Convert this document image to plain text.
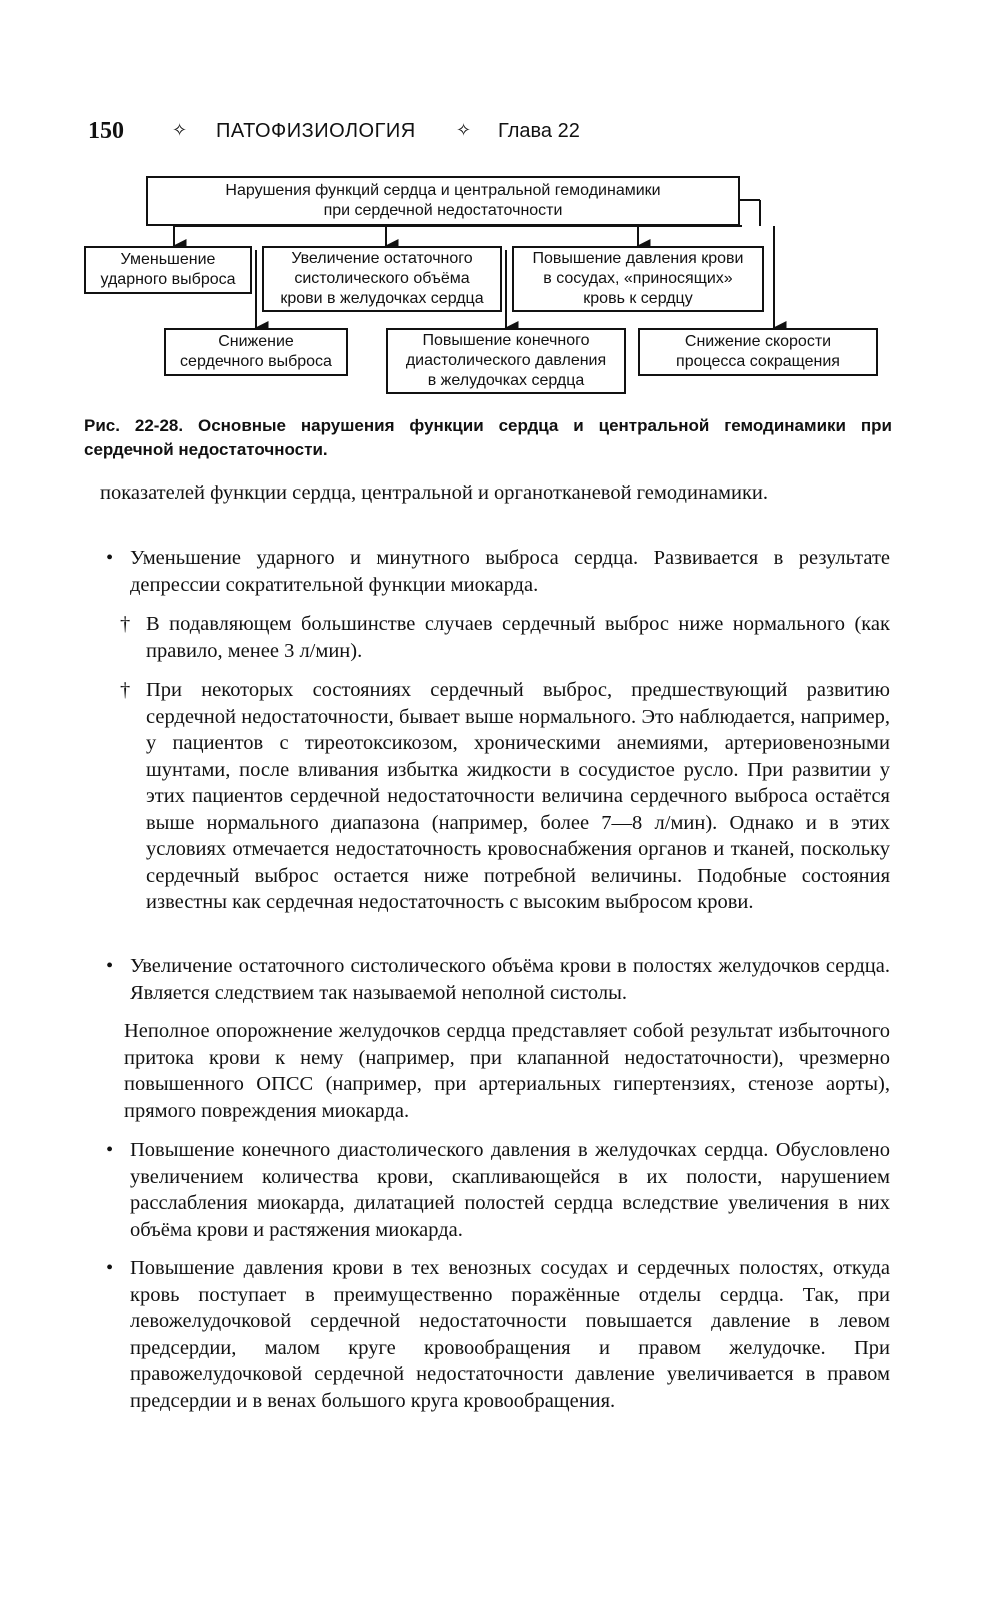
150	✧ ПАТОФИЗИОЛОГИЯ ✧ Глава 22
Нарушения функций сердца и центральной гемодинамики
при сердечной недостаточности
Уменьшение
ударного выброса
Увеличение остаточного
систолического объёма
крови в желудочках сердца
Повышение давления крови
в сосудах, «приносящих»
кровь к сердцу
Снижение
сердечного выброса
Повышение конечного
диастолического давления
в желудочках сердца
Снижение скорости
процесса сокращения
Рис. 22-28. Основные нарушения функции сердца и центральной гемодинамики при сердечной недостаточности.
показателей функции сердца, центральной и органотканевой гемодинамики.
• Уменьшение ударного и минутного выброса сердца. Развивается в результате депрессии сократительной функции миокарда.
† В подавляющем большинстве случаев сердечный выброс ниже нормального (как правило, менее 3 л/мин).
† При некоторых состояниях сердечный выброс, предшествующий развитию сердечной недостаточности, бывает выше нормального. Это наблюдается, например, у пациентов с тиреотоксикозом, хроническими анемиями, артериовенозными шунтами, после вливания избытка жидкости в сосудистое русло. При развитии у этих пациентов сердечной недостаточности величина сердечного выброса остаётся выше нормального диапазона (например, более 7—8 л/мин). Однако и в этих условиях отмечается недостаточность кровоснабжения органов и тканей, поскольку сердечный выброс остается ниже потребной величины. Подобные состояния известны как сердечная недостаточность с высоким выбросом крови.
• Увеличение остаточного систолического объёма крови в полостях желудочков сердца. Является следствием так называемой неполной систолы.
Неполное опорожнение желудочков сердца представляет собой результат избыточного притока крови к нему (например, при клапанной недостаточности), чрезмерно повышенного ОПСС (например, при артериальных гипертензиях, стенозе аорты), прямого повреждения миокарда.
• Повышение конечного диастолического давления в желудочках сердца. Обусловлено увеличением количества крови, скапливающейся в их полости, нарушением расслабления миокарда, дилатацией полостей сердца вследствие увеличения в них объёма крови и растяжения миокарда.
• Повышение давления крови в тех венозных сосудах и сердечных полостях, откуда кровь поступает в преимущественно поражённые отделы сердца. Так, при левожелудочковой сердечной недостаточности повышается давление в левом предсердии, малом круге кровообращения и правом желудочке. При правожелудочковой сердечной недостаточности давление увеличивается в правом предсердии и в венах большого круга кровообращения.
